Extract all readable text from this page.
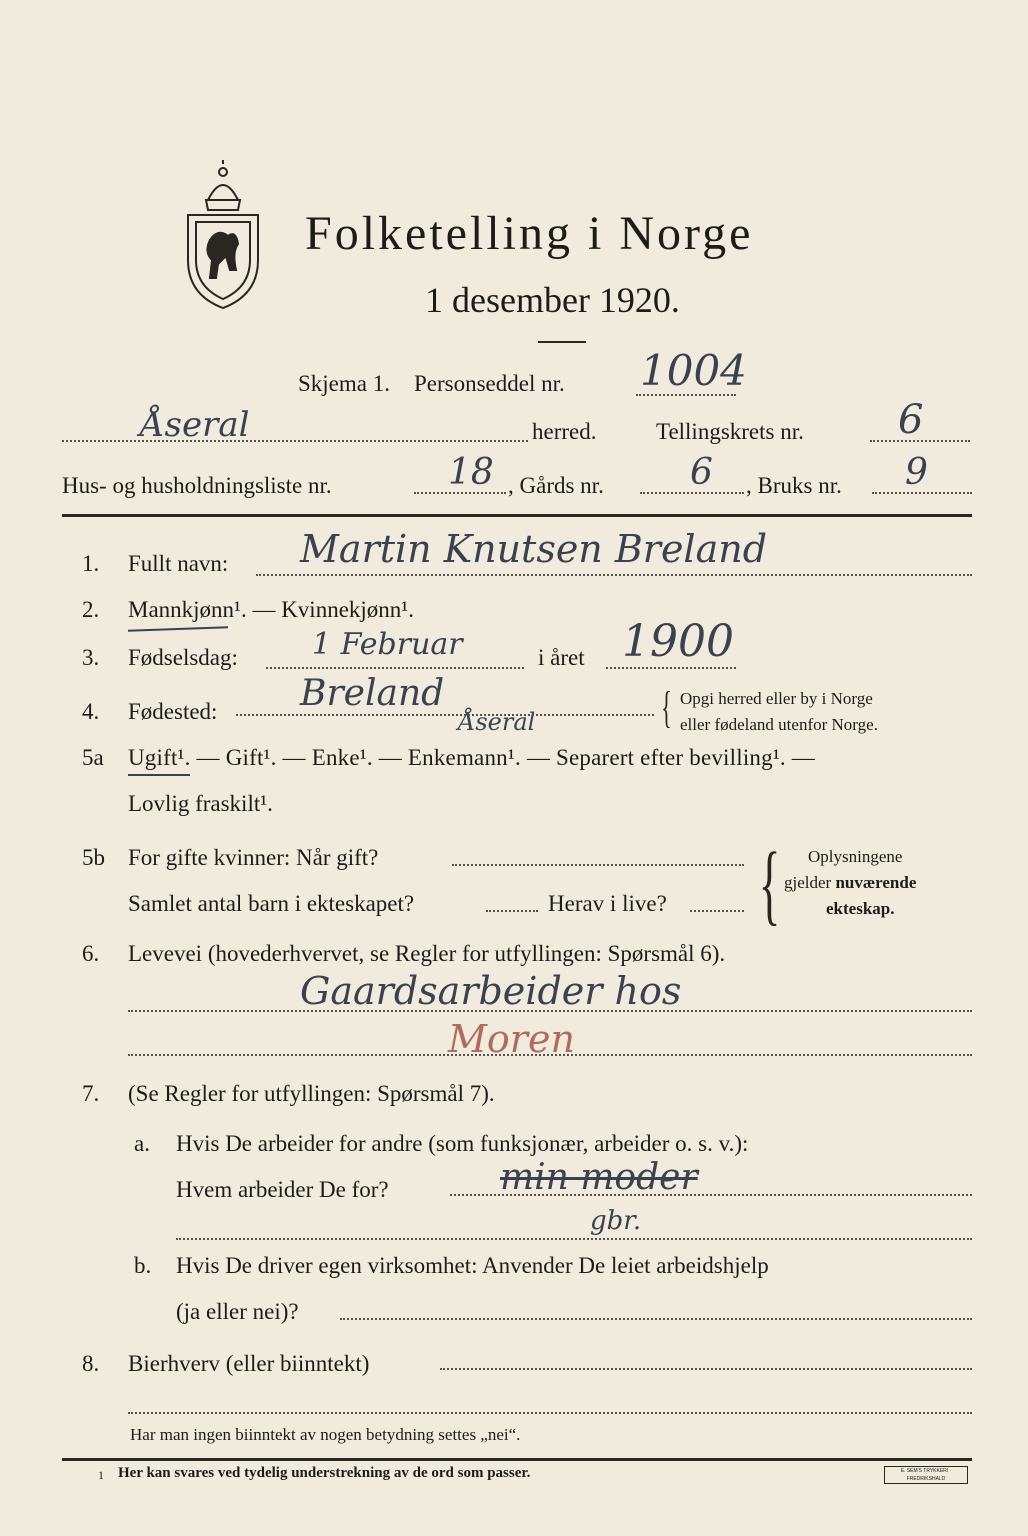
Folketelling i Norge
1 desember 1920.
Skjema 1. Personseddel nr. 1004
Åseral	herred.	Tellingskrets nr. 6
Hus- og husholdningsliste nr.	18 , Gårds nr. 6 , Bruks nr. 9
1. Fullt navn: Martin Knutsen Breland
2. Mannkjønn¹. — Kvinnekjønn¹.
3. Fødselsdag: 1 Februar	i året 1900
4. Fødested: Breland
Åseral	{ Opgi herred eller by i Norge
eller fødeland utenfor Norge.
5a Ugift¹. — Gift¹. — Enke¹. — Enkemann¹. — Separert efter bevilling¹. —
Lovlig fraskilt¹.
5b For gifte kvinner: Når gift?
Samlet antal barn i ekteskapet?	Herav i live? { Oplysningene
gjelder nuværende
ekteskap.
6. Levevei (hovederhvervet, se Regler for utfyllingen: Spørsmål 6).
Gaardsarbeider hos
Moren
7. (Se Regler for utfyllingen: Spørsmål 7).
a. Hvis De arbeider for andre (som funksjonær, arbeider o. s. v.):
Hvem arbeider De for?	min moder
gbr.
b. Hvis De driver egen virksomhet: Anvender De leiet arbeidshjelp
(ja eller nei)?
8. Bierhverv (eller biinntekt)
Har man ingen biinntekt av nogen betydning settes „nei“.
1 Her kan svares ved tydelig understrekning av de ord som passer.	E. SEM'S TRYKKERI · FREDRIKSHALD
